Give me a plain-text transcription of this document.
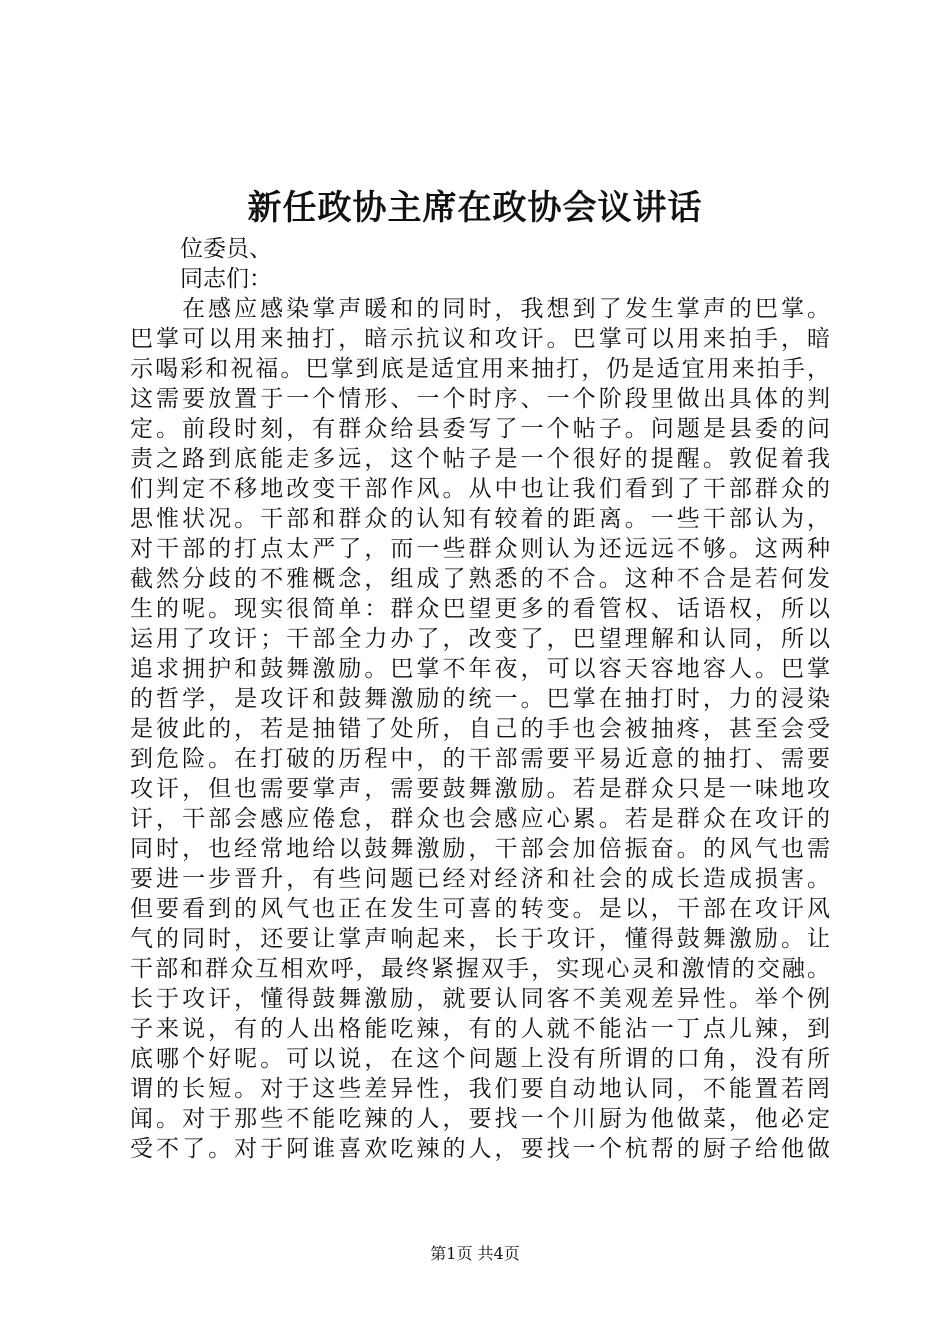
新任政协主席在政协会议讲话
位委员、
同志们：
在感应感染掌声暖和的同时，我想到了发生掌声的巴掌。
巴掌可以用来抽打，暗示抗议和攻讦。巴掌可以用来拍手，暗
示喝彩和祝福。巴掌到底是适宜用来抽打，仍是适宜用来拍手，
这需要放置于一个情形、一个时序、一个阶段里做出具体的判
定。前段时刻，有群众给县委写了一个帖子。问题是县委的问
责之路到底能走多远，这个帖子是一个很好的提醒。敦促着我
们判定不移地改变干部作风。从中也让我们看到了干部群众的
思惟状况。干部和群众的认知有较着的距离。一些干部认为，
对干部的打点太严了，而一些群众则认为还远远不够。这两种
截然分歧的不雅概念，组成了熟悉的不合。这种不合是若何发
生的呢。现实很简单：群众巴望更多的看管权、话语权，所以
运用了攻讦；干部全力办了，改变了，巴望理解和认同，所以
追求拥护和鼓舞激励。巴掌不年夜，可以容天容地容人。巴掌
的哲学，是攻讦和鼓舞激励的统一。巴掌在抽打时，力的浸染
是彼此的，若是抽错了处所，自己的手也会被抽疼，甚至会受
到危险。在打破的历程中，的干部需要平易近意的抽打、需要
攻讦，但也需要掌声，需要鼓舞激励。若是群众只是一味地攻
讦，干部会感应倦怠，群众也会感应心累。若是群众在攻讦的
同时，也经常地给以鼓舞激励，干部会加倍振奋。的风气也需
要进一步晋升，有些问题已经对经济和社会的成长造成损害。
但要看到的风气也正在发生可喜的转变。是以，干部在攻讦风
气的同时，还要让掌声响起来，长于攻讦，懂得鼓舞激励。让
干部和群众互相欢呼，最终紧握双手，实现心灵和激情的交融。
长于攻讦，懂得鼓舞激励，就要认同客不美观差异性。举个例
子来说，有的人出格能吃辣，有的人就不能沾一丁点儿辣，到
底哪个好呢。可以说，在这个问题上没有所谓的口角，没有所
谓的长短。对于这些差异性，我们要自动地认同，不能置若罔
闻。对于那些不能吃辣的人，要找一个川厨为他做菜，他必定
受不了。对于阿谁喜欢吃辣的人，要找一个杭帮的厨子给他做
第1页 共4页
